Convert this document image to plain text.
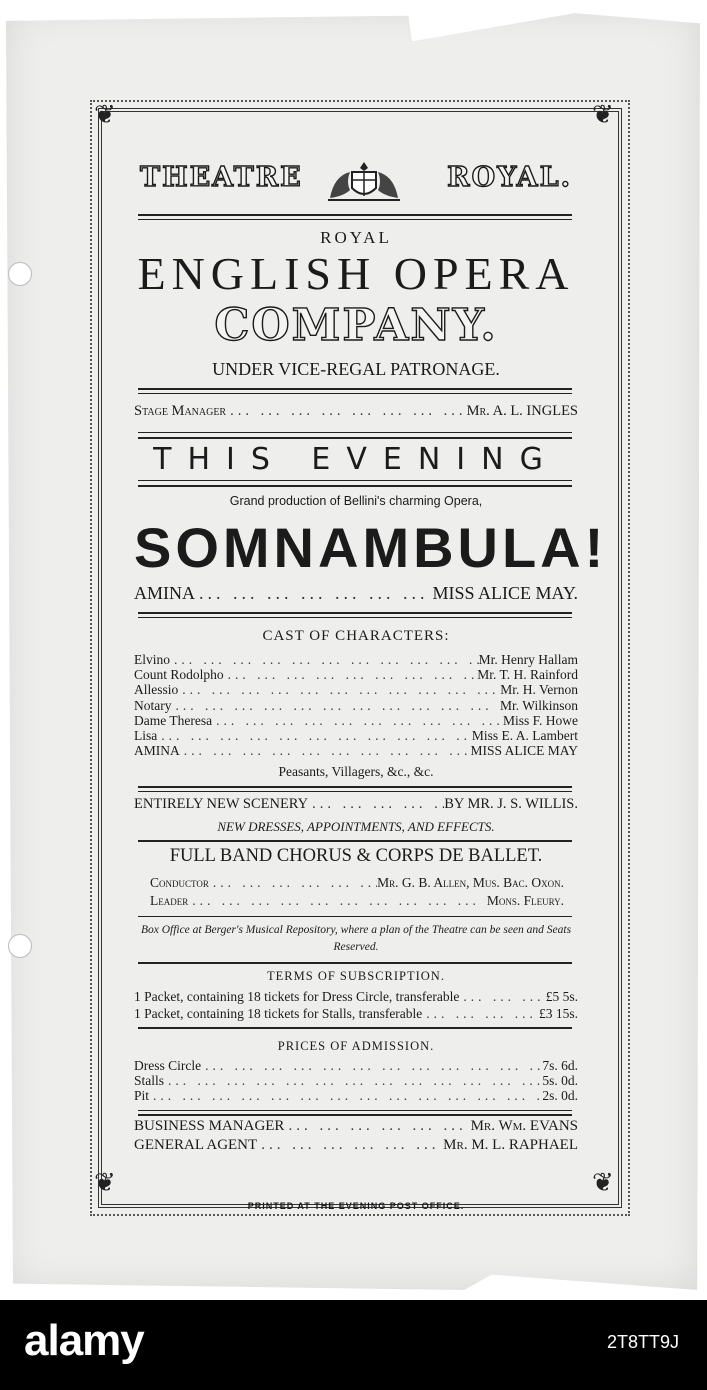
❦	❦
❦	❦
THEATRE	ROYAL.
ROYAL
ENGLISH OPERA
COMPANY.
UNDER VICE-REGAL PATRONAGE.
Stage Manager ... .	Mr. A. L. INGLES
THIS EVENING
Grand production of Bellini's charming Opera,
SOMNAMBULA!
AMINA ... .	MISS ALICE MAY.
CAST OF CHARACTERS:
Elvino ... .	Mr. Henry Hallam
Count Rodolpho ... .	Mr. T. H. Rainford
Allessio ... .	Mr. H. Vernon
Notary ... .	Mr. Wilkinson
Dame Theresa ... .	Miss F. Howe
Lisa ... .	Miss E. A. Lambert
AMINA ... .	MISS ALICE MAY
Peasants, Villagers, &c., &c.
ENTIRELY NEW SCENERY ... .	BY MR. J. S. WILLIS.
NEW DRESSES, APPOINTMENTS, AND EFFECTS.
FULL BAND CHORUS & CORPS DE BALLET.
Conductor ... .	Mr. G. B. Allen, Mus. Bac. Oxon.
Leader ... .	Mons. Fleury.
Box Office at Berger's Musical Repository, where a plan of the Theatre can be seen and Seats Reserved.
TERMS OF SUBSCRIPTION.
1 Packet, containing 18 tickets for Dress Circle, transferable ... .	£5 5s.
1 Packet, containing 18 tickets for Stalls, transferable ... .	£3 15s.
PRICES OF ADMISSION.
Dress Circle ... .	7s. 6d.
Stalls ... .	5s. 0d.
Pit ... .	2s. 0d.
BUSINESS MANAGER ... .	Mr. Wm. EVANS
GENERAL AGENT ... .	Mr. M. L. RAPHAEL
PRINTED AT THE EVENING POST OFFICE.
alamy	2T8TT9J
